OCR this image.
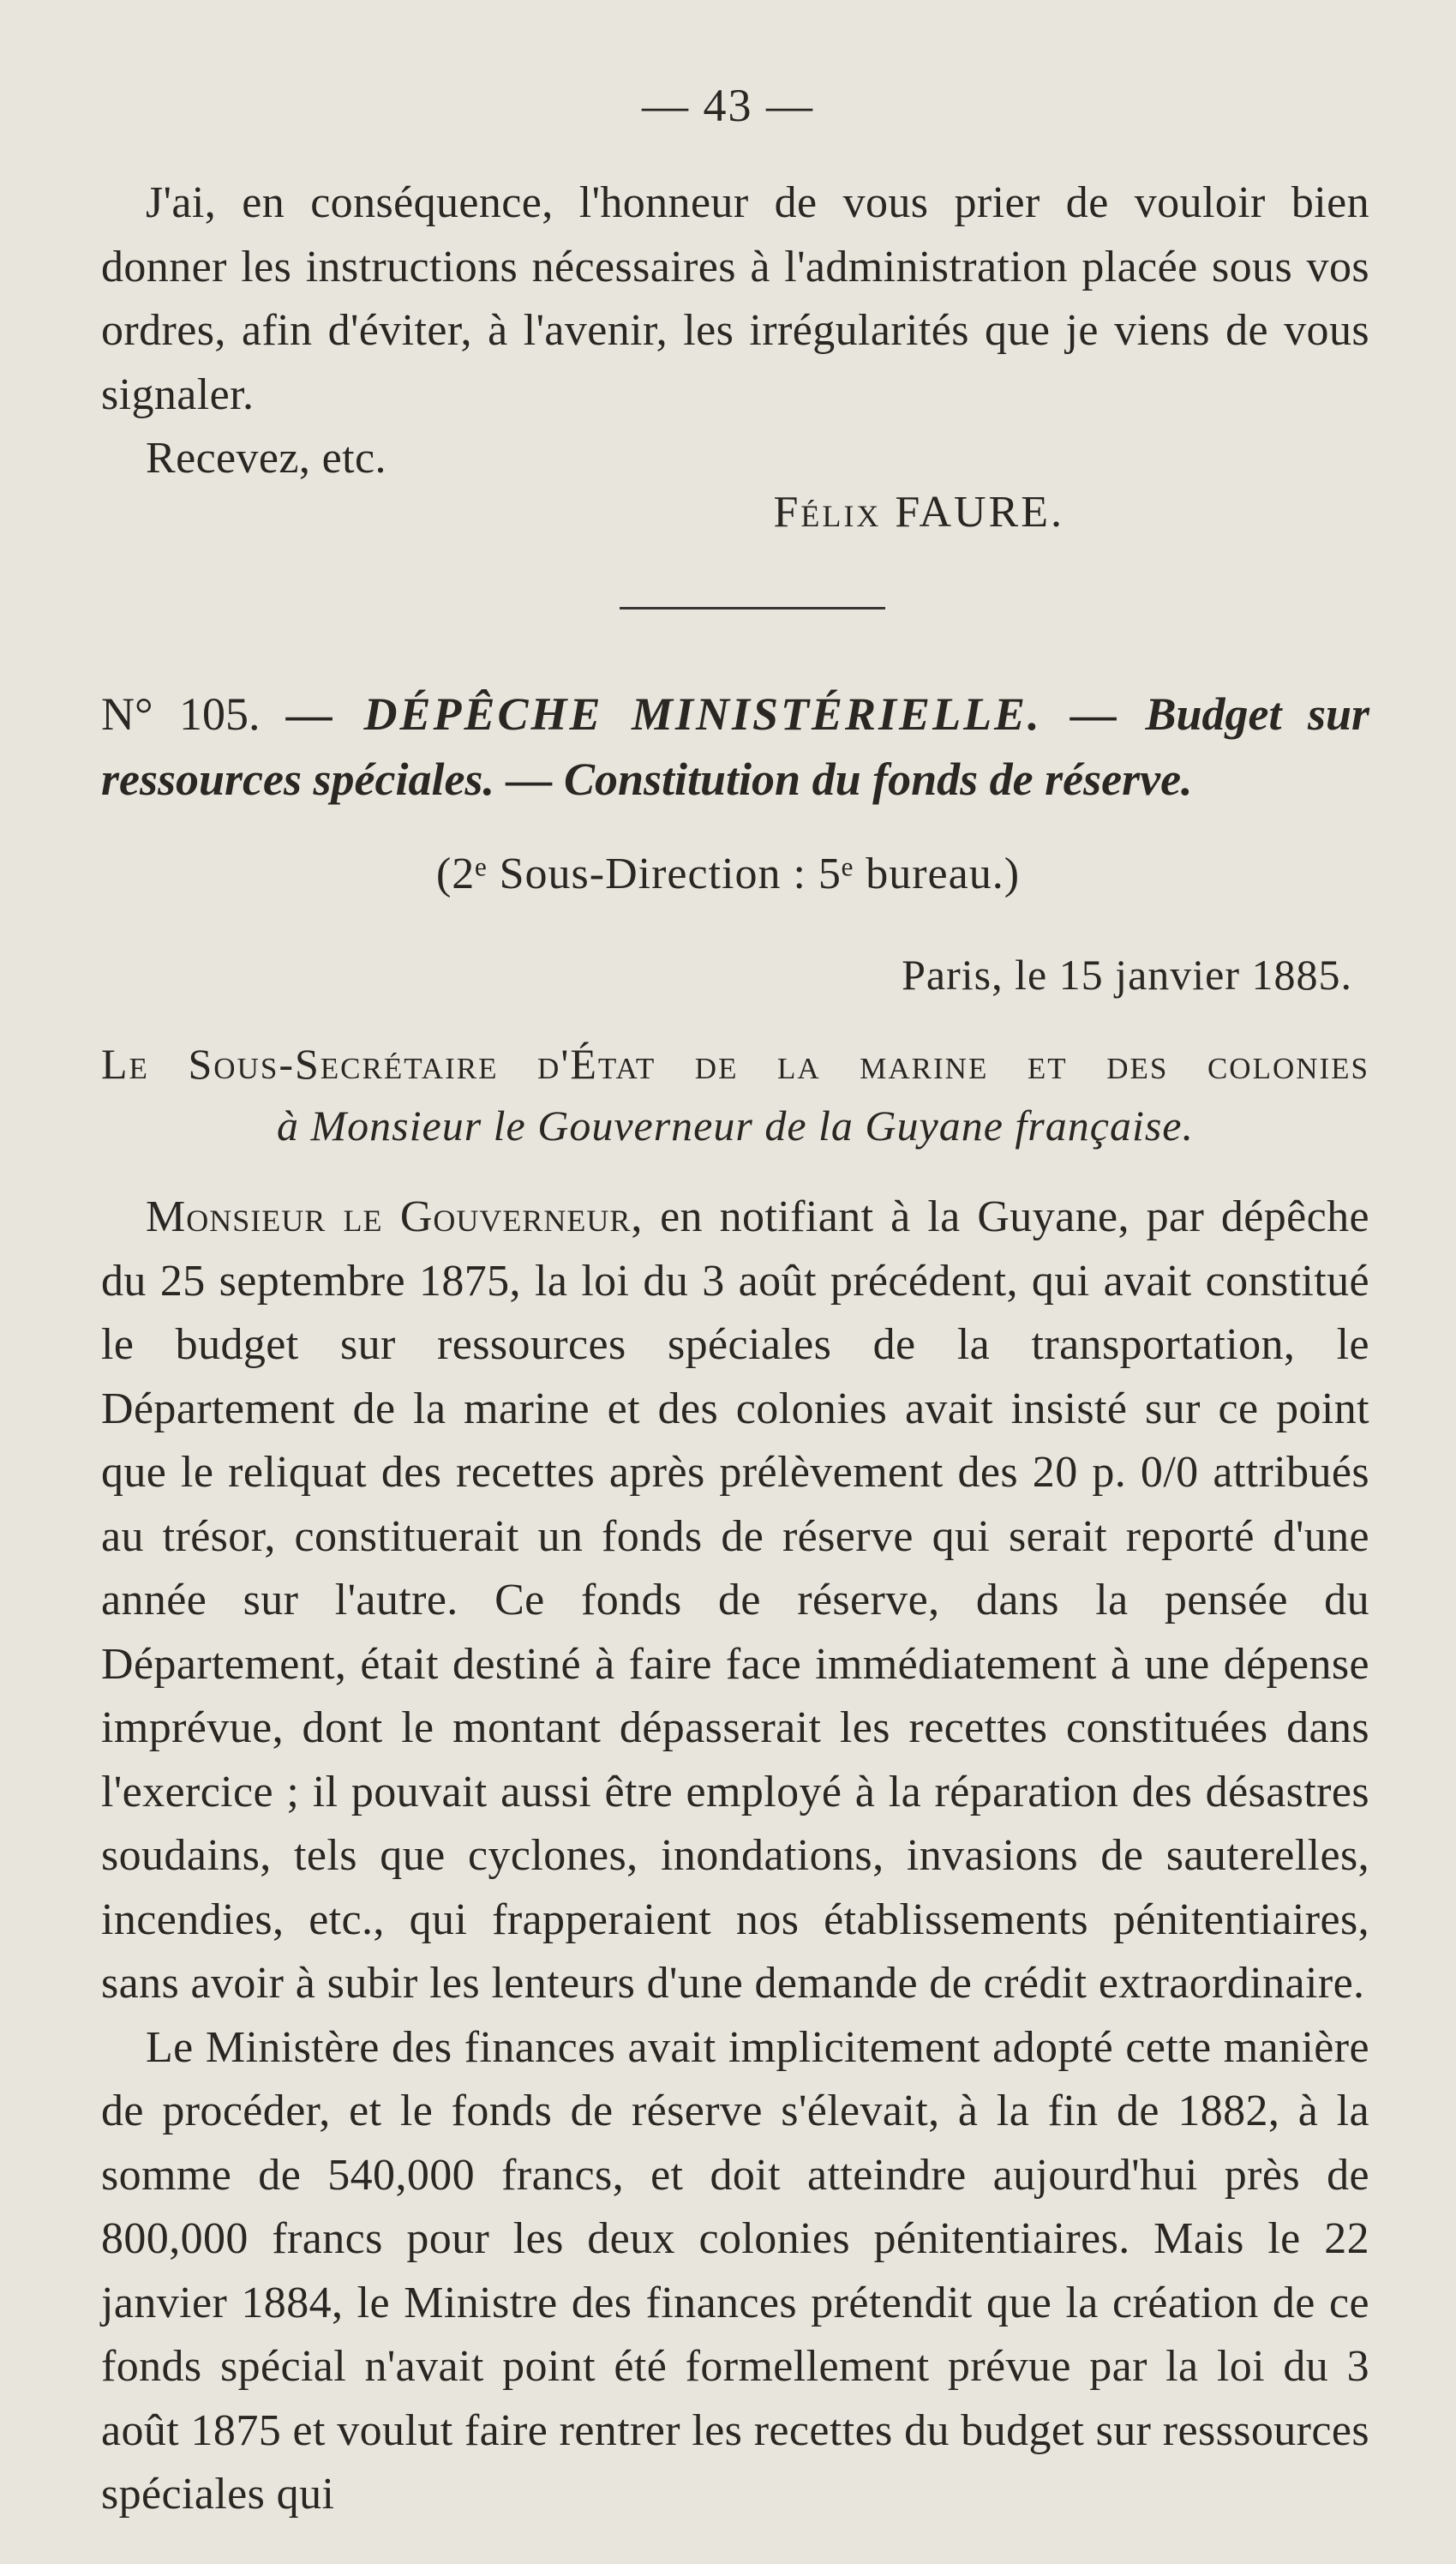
— 43 —

J'ai, en conséquence, l'honneur de vous prier de vouloir bien donner les instructions nécessaires à l'administration placée sous vos ordres, afin d'éviter, à l'avenir, les irrégularités que je viens de vous signaler.

Recevez, etc.

Félix FAURE.

N° 105. — DÉPÊCHE MINISTÉRIELLE. — Budget sur ressources spéciales. — Constitution du fonds de réserve.

(2ᵉ Sous-Direction : 5ᵉ bureau.)
Paris, le 15 janvier 1885.

Le Sous-Secrétaire d'État de la marine et des colonies

à Monsieur le Gouverneur de la Guyane française.

Monsieur le Gouverneur, en notifiant à la Guyane, par dépêche du 25 septembre 1875, la loi du 3 août précédent, qui avait constitué le budget sur ressources spéciales de la transportation, le Département de la marine et des colonies avait insisté sur ce point que le reliquat des recettes après prélèvement des 20 p. 0/0 attribués au trésor, constituerait un fonds de réserve qui serait reporté d'une année sur l'autre. Ce fonds de réserve, dans la pensée du Département, était destiné à faire face immédiatement à une dépense imprévue, dont le montant dépasserait les recettes constituées dans l'exercice ; il pouvait aussi être employé à la réparation des désastres soudains, tels que cyclones, inondations, invasions de sauterelles, incendies, etc., qui frapperaient nos établissements pénitentiaires, sans avoir à subir les lenteurs d'une demande de crédit extraordinaire.

Le Ministère des finances avait implicitement adopté cette manière de procéder, et le fonds de réserve s'élevait, à la fin de 1882, à la somme de 540,000 francs, et doit atteindre aujourd'hui près de 800,000 francs pour les deux colonies pénitentiaires. Mais le 22 janvier 1884, le Ministre des finances prétendit que la création de ce fonds spécial n'avait point été formellement prévue par la loi du 3 août 1875 et voulut faire rentrer les recettes du budget sur resssources spéciales qui
